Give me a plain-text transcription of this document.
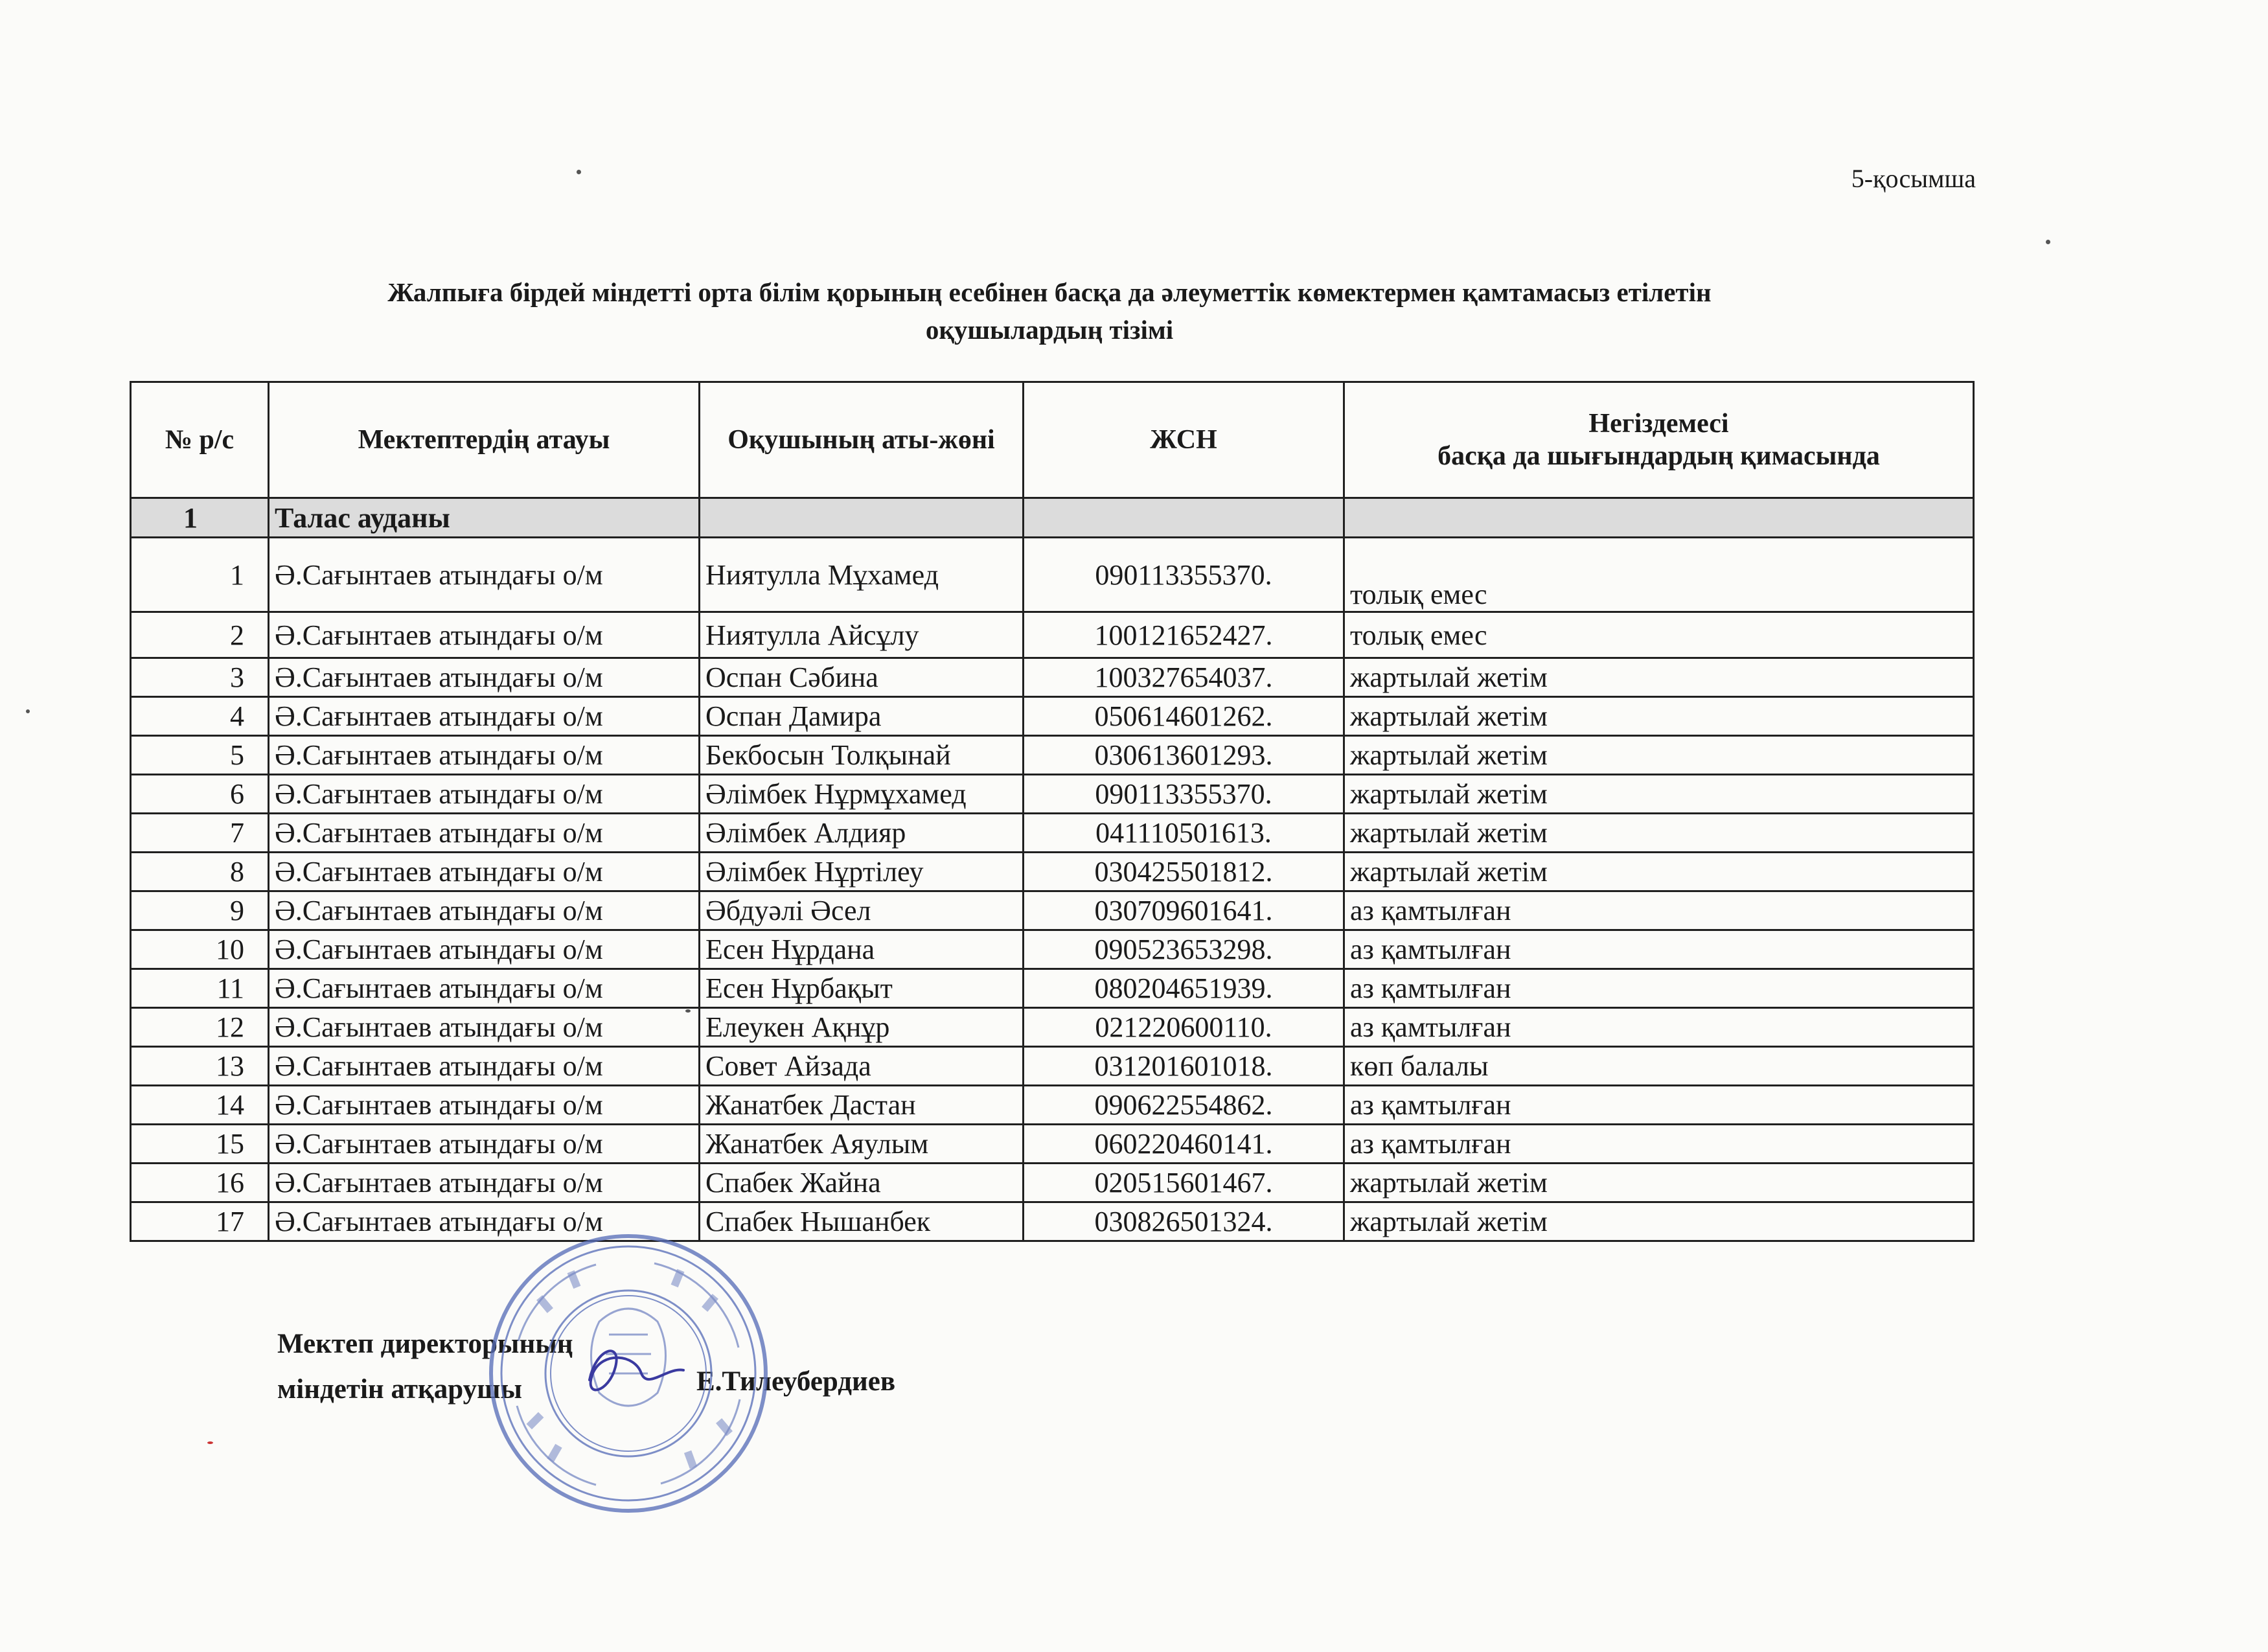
5-қосымша
Жалпыға бірдей міндетті орта білім қорының есебінен басқа да әлеуметтік көмектермен қамтамасыз етілетін
оқушылардың тізімі
№ р/с	Мектептердің атауы	Оқушының аты-жөні	ЖСН	Негіздемесі
басқа да шығындардың қимасында

1	Талас ауданы			
1	Ә.Сағынтаев атындағы о/м	Ниятулла Мұхамед	090113355370.	толық емес
2	Ә.Сағынтаев атындағы о/м	Ниятулла Айсұлу	100121652427.	толық емес
3	Ә.Сағынтаев атындағы о/м	Оспан Сәбина	100327654037.	жартылай жетім
4	Ә.Сағынтаев атындағы о/м	Оспан Дамира	050614601262.	жартылай жетім
5	Ә.Сағынтаев атындағы о/м	Бекбосын Толқынай	030613601293.	жартылай жетім
6	Ә.Сағынтаев атындағы о/м	Әлімбек Нұрмұхамед	090113355370.	жартылай жетім
7	Ә.Сағынтаев атындағы о/м	Әлімбек Алдияр	041110501613.	жартылай жетім
8	Ә.Сағынтаев атындағы о/м	Әлімбек Нұртілеу	030425501812.	жартылай жетім
9	Ә.Сағынтаев атындағы о/м	Әбдуәлі Әсел	030709601641.	аз қамтылған
10	Ә.Сағынтаев атындағы о/м	Есен Нұрдана	090523653298.	аз қамтылған
11	Ә.Сағынтаев атындағы о/м	Есен Нұрбақыт	080204651939.	аз қамтылған
12	Ә.Сағынтаев атындағы о/м	Елеукен Ақнұр	021220600110.	аз қамтылған
13	Ә.Сағынтаев атындағы о/м	Совет Айзада	031201601018.	көп балалы
14	Ә.Сағынтаев атындағы о/м	Жанатбек Дастан	090622554862.	аз қамтылған
15	Ә.Сағынтаев атындағы о/м	Жанатбек Аяулым	060220460141.	аз қамтылған
16	Ә.Сағынтаев атындағы о/м	Спабек Жайна	020515601467.	жартылай жетім
17	Ә.Сағынтаев атындағы о/м	Спабек Нышанбек	030826501324.	жартылай жетім
Мектеп директорының
міндетін атқарушы	Е.Тилеубердиев
